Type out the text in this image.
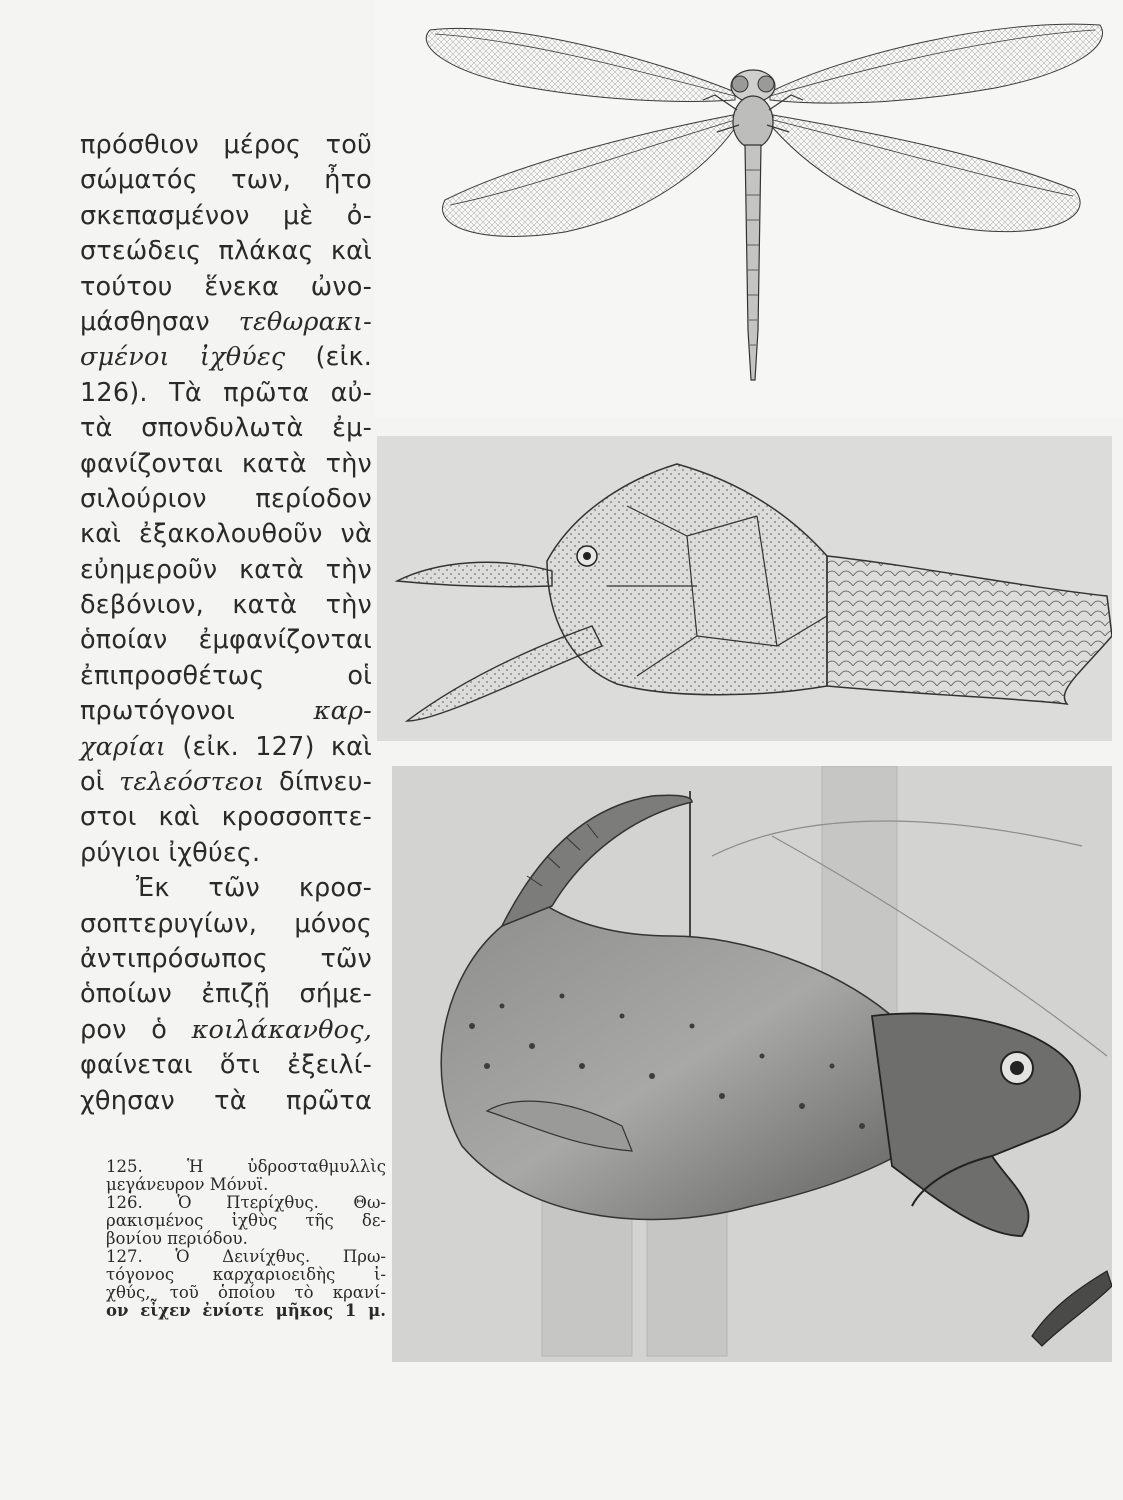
πρόσθιον μέρος τοῦ
σώματός των, ἦτο
σκεπασμένον μὲ ὀ-
στεώδεις πλάκας καὶ
τούτου ἕνεκα ὠνο-
μάσθησαν τεθωρακι-
σμένοι ἰχθύες (εἰκ.
126). Τὰ πρῶτα αὐ-
τὰ σπονδυλωτὰ ἐμ-
φανίζονται κατὰ τὴν
σιλούριον περίοδον
καὶ ἐξακολουθοῦν νὰ
εὐημεροῦν κατὰ τὴν
δεβόνιον, κατὰ τὴν
ὁποίαν ἐμφανίζονται
ἐπιπροσθέτως οἱ
πρωτόγονοι	καρ-
χαρίαι (εἰκ. 127) καὶ
οἱ τελεόστεοι δίπνευ-
στοι καὶ κροσσοπτε-
ρύγιοι ἰχθύες.
Ἐκ τῶν κροσ-
σοπτερυγίων, μόνος
ἀντιπρόσωπος τῶν
ὁποίων ἐπιζῇ σήμε-
ρον ὁ κοιλάκανθος,
φαίνεται ὅτι ἐξειλί-
χθησαν τὰ πρῶτα
125. Ἡ ὑδροσταθμυλλὶς
μεγάνευρον Μόνυϊ.
126. Ὁ Πτερίχθυς. Θω-
ρακισμένος ἰχθὺς τῆς δε-
βονίου περιόδου.
127. Ὁ Δεινίχθυς. Πρω-
τόγονος καρχαριοειδὴς ἰ-
χθύς, τοῦ ὁποίου τὸ κρανί-
ον εἶχεν ἐνίοτε μῆκος 1 μ.
